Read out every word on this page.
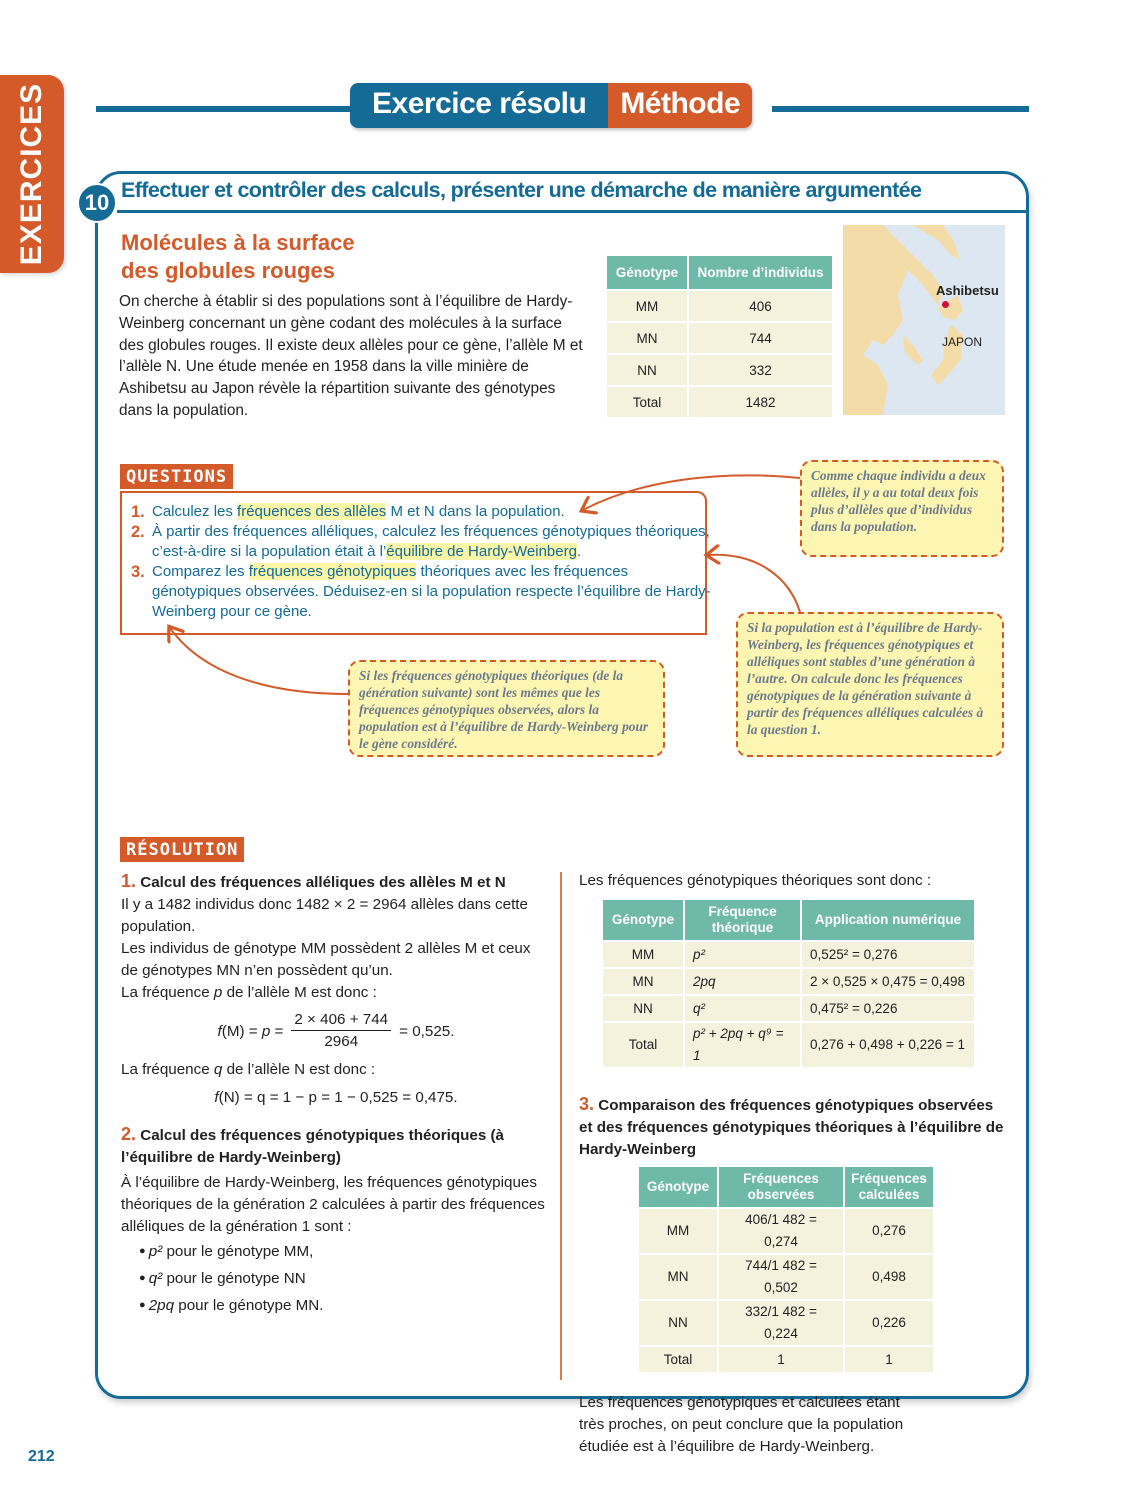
EXERCICES	Exercice résolu	Méthode
10 Effectuer et contrôler des calculs, présenter une démarche de manière argumentée
Molécules à la surface
des globules rouges

On cherche à établir si des populations sont à l’équilibre de Hardy-Weinberg concernant un gène codant des molécules à la surface des globules rouges. Il existe deux allèles pour ce gène, l’allèle M et l’allèle N. Une étude menée en 1958 dans la ville minière de Ashibetsu au Japon révèle la répartition suivante des génotypes dans la population.

Génotype	Nombre d’individus
MM	406
MN	744
NN	332
Total	1482
Ashibetsu
JAPON
QUESTIONS
1. Calculez les fréquences des allèles M et N dans la population.
2. À partir des fréquences alléliques, calculez les fréquences génotypiques théoriques, c’est-à-dire si la population était à l’équilibre de Hardy-Weinberg.
3. Comparez les fréquences génotypiques théoriques avec les fréquences génotypiques observées. Déduisez-en si la population respecte l’équilibre de Hardy-Weinberg pour ce gène.
Comme chaque individu a deux allèles, il y a au total deux fois plus d’allèles que d’individus dans la population.
Si les fréquences génotypiques théoriques (de la génération suivante) sont les mêmes que les fréquences génotypiques observées, alors la population est à l’équilibre de Hardy-Weinberg pour le gène considéré.
Si la population est à l’équilibre de Hardy-Weinberg, les fréquences génotypiques et alléliques sont stables d’une génération à l’autre. On calcule donc les fréquences génotypiques de la génération suivante à partir des fréquences alléliques calculées à la question 1.
RÉSOLUTION
1. Calcul des fréquences alléliques des allèles M et N

Il y a 1482 individus donc 1482 × 2 = 2964 allèles dans cette population.

Les individus de génotype MM possèdent 2 allèles M et ceux de génotypes MN n’en possèdent qu’un.

La fréquence p de l’allèle M est donc :

$f(M) = p = \frac{2 \times 406 + 744}{2964} = 0,525$.

La fréquence q de l’allèle N est donc :

f(N) = q = 1 − p = 1 − 0,525 = 0,475.
2. Calcul des fréquences génotypiques théoriques (à l’équilibre de Hardy-Weinberg)

À l’équilibre de Hardy-Weinberg, les fréquences génotypiques théoriques de la génération 2 calculées à partir des fréquences alléliques de la génération 1 sont :

● p² pour le génotype MM,
● q² pour le génotype NN
● 2pq pour le génotype MN.

Les fréquences génotypiques théoriques sont donc :

Génotype	Fréquence théorique	Application numérique
MM	p²	0,525² = 0,276
MN	2pq	2 × 0,525 × 0,475 = 0,498
NN	q²	0,475² = 0,226
Total	p² + 2pq + q⁹ = 1	0,276 + 0,498 + 0,226 = 1
3. Comparaison des fréquences génotypiques observées et des fréquences génotypiques théoriques à l’équilibre de Hardy-Weinberg
Génotype	Fréquences observées	Fréquences calculées
MM	406/1 482 = 0,274	0,276
MN	744/1 482 = 0,502	0,498
NN	332/1 482 = 0,224	0,226
Total	1	1

Les fréquences génotypiques et calculées étant très proches, on peut conclure que la population étudiée est à l’équilibre de Hardy-Weinberg.

212
